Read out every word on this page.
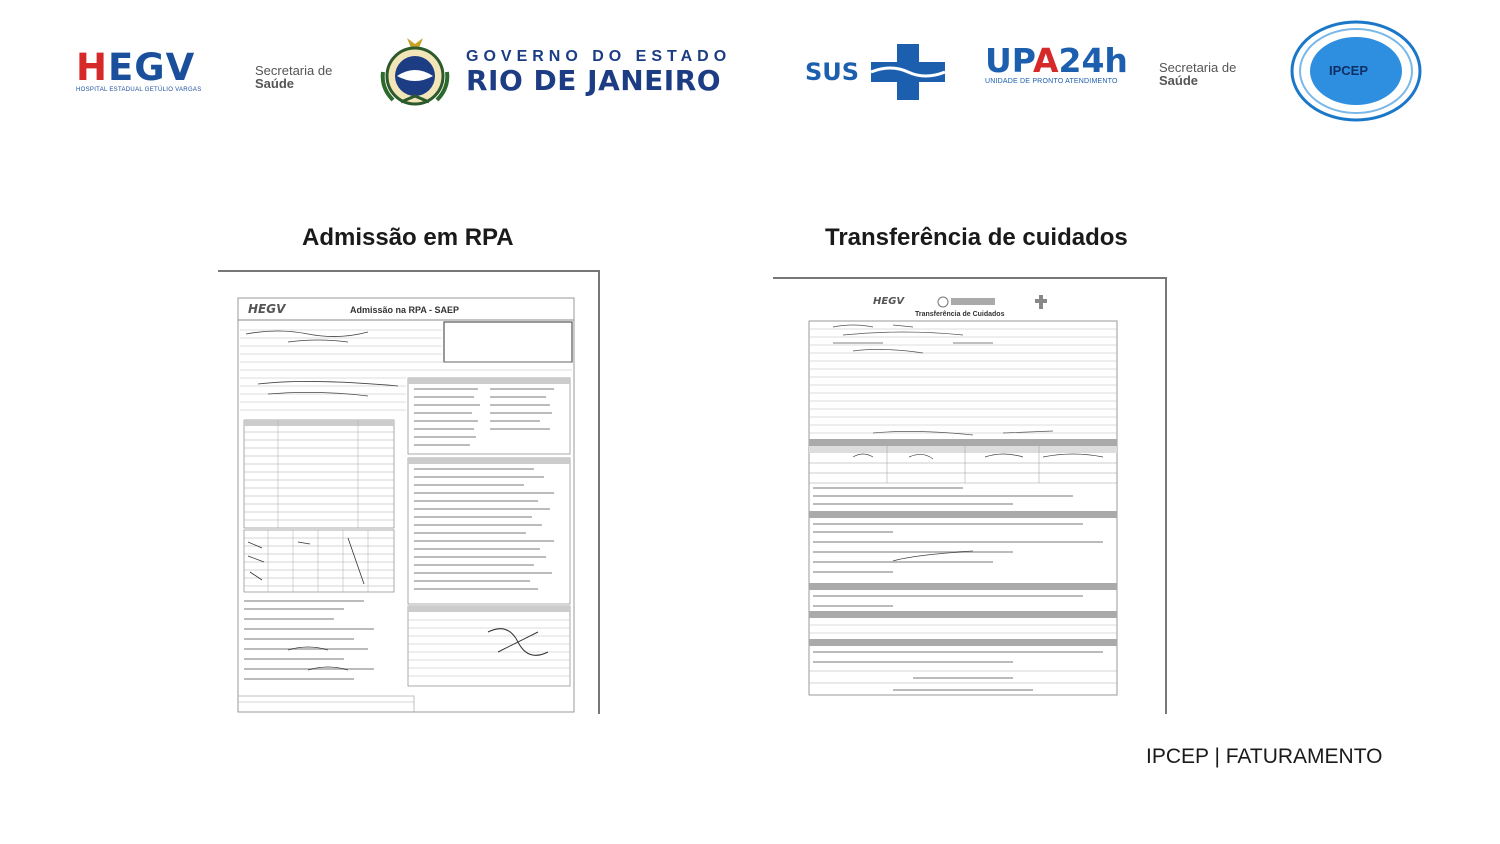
HEGV
HOSPITAL ESTADUAL GETÚLIO VARGAS
Secretaria de
Saúde
GOVERNO DO ESTADO
RIO DE JANEIRO	SUS	UPA24h
UNIDADE DE PRONTO ATENDIMENTO
Secretaria de
Saúde
IPCEP
Admissão em RPA	Transferência de cuidados
HEGV	Admissão na RPA - SAEP
HEGV
Transferência de Cuidados
IPCEP | FATURAMENTO
